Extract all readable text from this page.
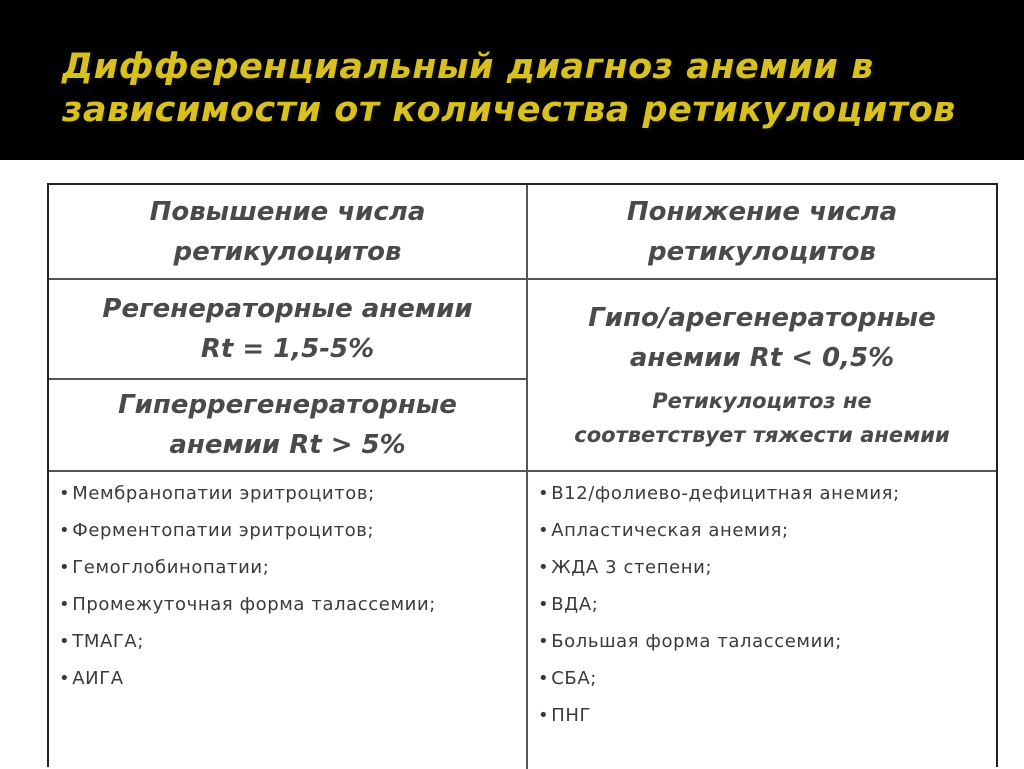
Дифференциальный диагноз анемии в
зависимости от количества ретикулоцитов
Повышение числа
ретикулоцитов
Понижение числа
ретикулоцитов
Регенераторные анемии
Rt = 1,5-5%
Гиперрегенераторные
анемии Rt > 5%
Гипо/арегенераторные
анемии Rt < 0,5%
Ретикулоцитоз не
соответствует тяжести анемии
• Мембранопатии эритроцитов;
• Ферментопатии эритроцитов;
• Гемоглобинопатии;
• Промежуточная форма талассемии;
• ТМАГА;
• АИГА
• B12/фолиево-дефицитная анемия;
• Апластическая анемия;
• ЖДА 3 степени;
• ВДА;
• Большая форма талассемии;
• СБА;
• ПНГ
